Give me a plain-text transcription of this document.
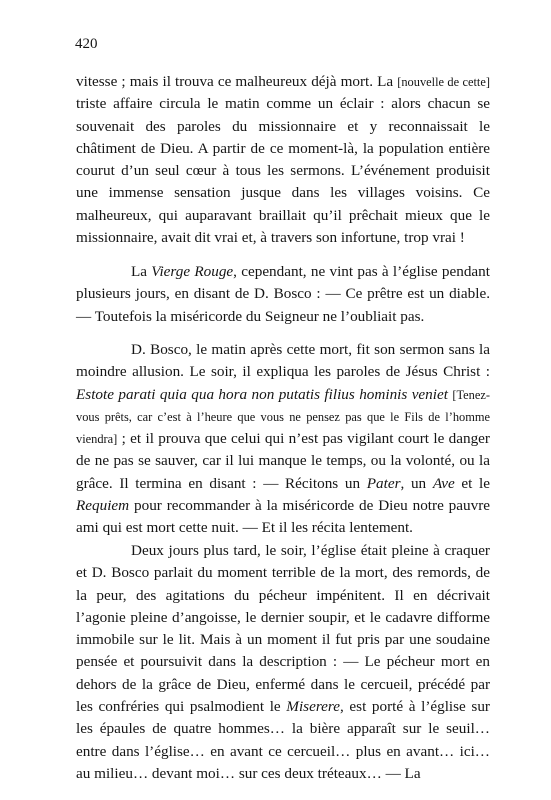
420

vitesse ; mais il trouva ce malheureux déjà mort. La [nouvelle de cette] triste affaire circula le matin comme un éclair : alors chacun se souvenait des paroles du missionnaire et y reconnaissait le châtiment de Dieu. A partir de ce moment-là, la population entière courut d’un seul cœur à tous les sermons. L’événement produisit une immense sensation jusque dans les villages voisins. Ce malheureux, qui auparavant braillait qu’il prêchait mieux que le missionnaire, avait dit vrai et, à travers son infortune, trop vrai !

La Vierge Rouge, cependant, ne vint pas à l’église pendant plusieurs jours, en disant de D. Bosco : — Ce prêtre est un diable. — Toutefois la miséricorde du Seigneur ne l’oubliait pas.

D. Bosco, le matin après cette mort, fit son sermon sans la moindre allusion. Le soir, il expliqua les paroles de Jésus Christ : Estote parati quia qua hora non putatis filius hominis veniet [Tenez-vous prêts, car c’est à l’heure que vous ne pensez pas que le Fils de l’homme viendra] ; et il prouva que celui qui n’est pas vigilant court le danger de ne pas se sauver, car il lui manque le temps, ou la volonté, ou la grâce. Il termina en disant : — Récitons un Pater, un Ave et le Requiem pour recommander à la miséricorde de Dieu notre pauvre ami qui est mort cette nuit. — Et il les récita lentement.

Deux jours plus tard, le soir, l’église était pleine à craquer et D. Bosco parlait du moment terrible de la mort, des remords, de la peur, des agitations du pécheur impénitent. Il en décrivait l’agonie pleine d’angoisse, le dernier soupir, et le cadavre difforme immobile sur le lit. Mais à un moment il fut pris par une soudaine pensée et poursuivit dans la description : — Le pécheur mort en dehors de la grâce de Dieu, enfermé dans le cercueil, précédé par les confréries qui psalmodient le Miserere, est porté à l’église sur les épaules de quatre hommes… la bière apparaît sur le seuil… entre dans l’église… en avant ce cercueil… plus en avant… ici… au milieu… devant moi… sur ces deux tréteaux… — La
